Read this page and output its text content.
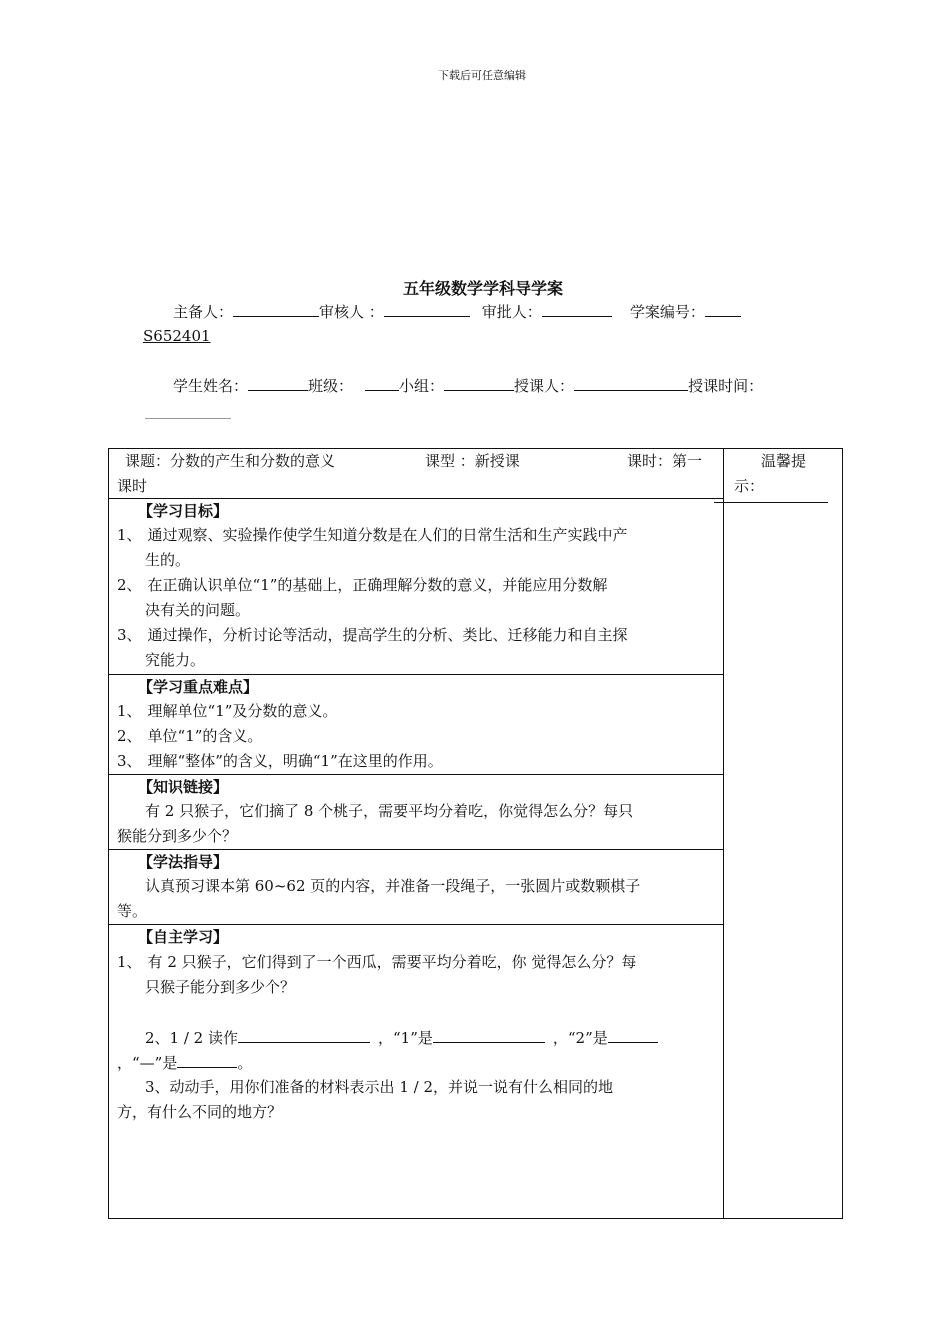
下载后可任意编辑
五年级数学学科导学案
主备人：	审核人 ：	审批人：	学案编号：
S652401
学生姓名：	班级：	小组：	授课人：	授课时间：
课题：分数的产生和分数的意义	课型 ：新授课	课时：第一
课时
温馨提
示：
【学习目标】
1、 通过观察、实验操作使学生知道分数是在人们的日常生活和生产实践中产
生的。
2、 在正确认识单位“1”的基础上，正确理解分数的意义，并能应用分数解
决有关的问题。
3、 通过操作，分析讨论等活动，提高学生的分析、类比、迁移能力和自主探
究能力。
【学习重点难点】
1、 理解单位“1”及分数的意义。
2、 单位“1”的含义。
3、 理解“整体”的含义，明确“1”在这里的作用。
【知识链接】
有 2 只猴子，它们摘了 8 个桃子，需要平均分着吃，你觉得怎么分？每只
猴能分到多少个？
【学法指导】
认真预习课本第 60~62 页的内容，并准备一段绳子，一张圆片或数颗棋子
等。
【自主学习】
1、 有 2 只猴子，它们得到了一个西瓜，需要平均分着吃，你 觉得怎么分？每
只猴子能分到多少个？
2、1 / 2 读作	，“1”是	，“2”是
，“—”是	。
3、动动手，用你们准备的材料表示出 1 / 2，并说一说有什么相同的地
方，有什么不同的地方？
